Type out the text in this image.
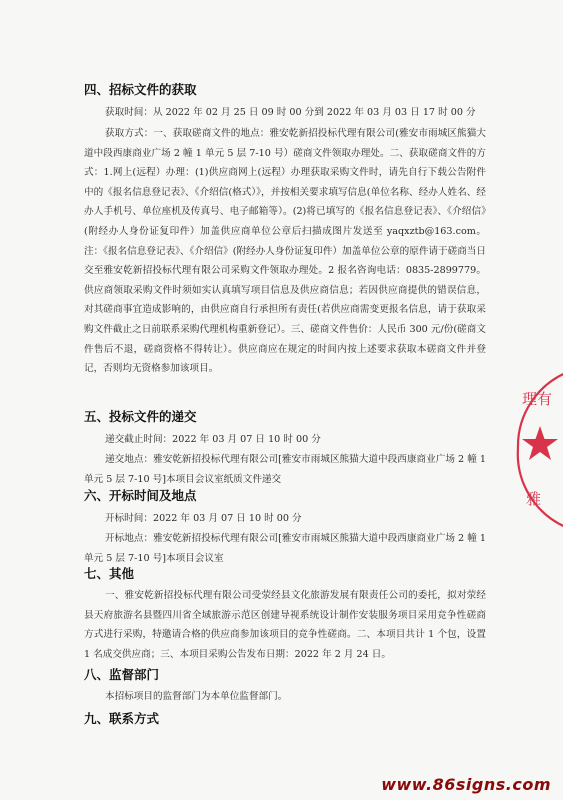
四、招标文件的获取
获取时间：从 2022 年 02 月 25 日 09 时 00 分到 2022 年 03 月 03 日 17 时 00 分
获取方式：一、获取磋商文件的地点：雅安乾新招投标代理有限公司(雅安市雨城区熊猫大道中段西康商业广场 2 幢 1 单元 5 层 7-10 号）磋商文件领取办理处。二、获取磋商文件的方式：1.网上(远程）办理：(1)供应商网上(远程）办理获取采购文件时，请先自行下载公告附件中的《报名信息登记表》、《介绍信(格式）》，并按相关要求填写信息(单位名称、经办人姓名、经办人手机号、单位座机及传真号、电子邮箱等）。(2)将已填写的《报名信息登记表》、《介绍信》(附经办人身份证复印件）加盖供应商单位公章后扫描成图片发送至 yaqxztb@163.com。注：《报名信息登记表》、《介绍信》(附经办人身份证复印件）加盖单位公章的原件请于磋商当日交至雅安乾新招投标代理有限公司采购文件领取办理处。2 报名咨询电话：0835-2899779。供应商领取采购文件时须如实认真填写项目信息及供应商信息；若因供应商提供的错误信息，对其磋商事宜造成影响的，由供应商自行承担所有责任(若供应商需变更报名信息，请于获取采购文件截止之日前联系采购代理机构重新登记）。三、磋商文件售价：人民币 300 元/份(磋商文件售后不退，磋商资格不得转让）。供应商应在规定的时间内按上述要求获取本磋商文件并登记，否则均无资格参加该项目。
五、投标文件的递交
递交截止时间：2022 年 03 月 07 日 10 时 00 分
递交地点：雅安乾新招投标代理有限公司[雅安市雨城区熊猫大道中段西康商业广场 2 幢 1 单元 5 层 7-10 号]本项目会议室纸质文件递交
六、开标时间及地点
开标时间：2022 年 03 月 07 日 10 时 00 分
开标地点：雅安乾新招投标代理有限公司[雅安市雨城区熊猫大道中段西康商业广场 2 幢 1 单元 5 层 7-10 号]本项目会议室
七、其他
一、雅安乾新招投标代理有限公司受荥经县文化旅游发展有限责任公司的委托，拟对荥经县天府旅游名县暨四川省全域旅游示范区创建导视系统设计制作安装服务项目采用竞争性磋商方式进行采购，特邀请合格的供应商参加该项目的竞争性磋商。二、本项目共计 1 个包，设置 1 名成交供应商；三、本项目采购公告发布日期：2022 年 2 月 24 日。
八、监督部门
本招标项目的监督部门为本单位监督部门。
九、联系方式
理有
雅
www.86signs.com
